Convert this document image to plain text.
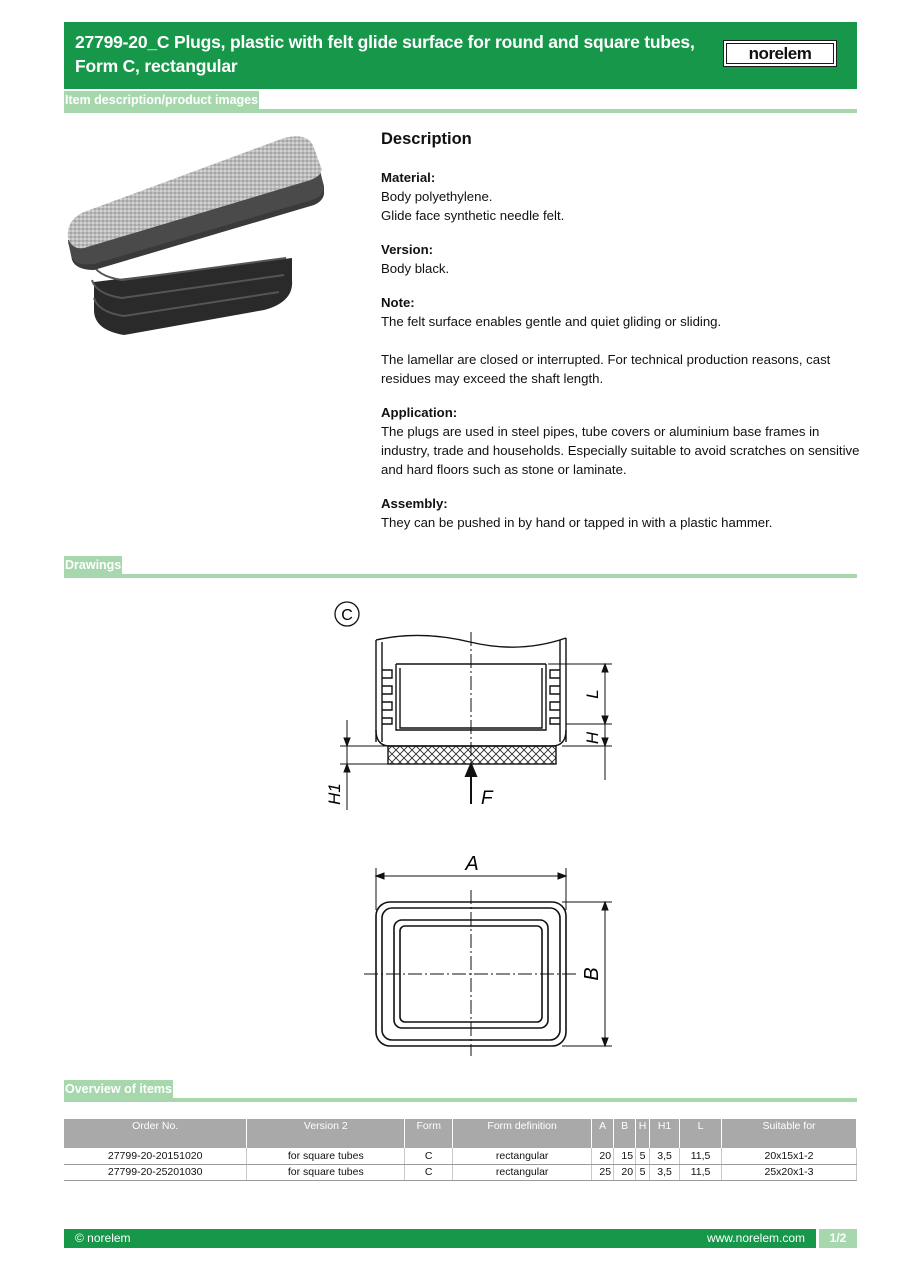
27799-20_C Plugs, plastic with felt glide surface for round and square tubes, Form C, rectangular
norelem
Item description/product images
Description
Material:

Body polyethylene.
Glide face synthetic needle felt.

Version:

Body black.

Note:

The felt surface enables gentle and quiet gliding or sliding.

The lamellar are closed or interrupted. For technical production reasons, cast residues may exceed the shaft length.

Application:

The plugs are used in steel pipes, tube covers or aluminium base frames in industry, trade and households. Especially suitable to avoid scratches on sensitive and hard floors such as stone or laminate.

Assembly:

They can be pushed in by hand or tapped in with a plastic hammer.

Drawings
C
L
H
H1	F
A
B
Overview of items
Order No.	Version 2	Form	Form definition	A	B	H	H1	L	Suitable for
27799-20-20151020	for square tubes	C	rectangular	20	15	5	3,5	11,5	20x15x1-2
27799-20-25201030	for square tubes	C	rectangular	25	20	5	3,5	11,5	25x20x1-3
© norelem	www.norelem.com	1/2
